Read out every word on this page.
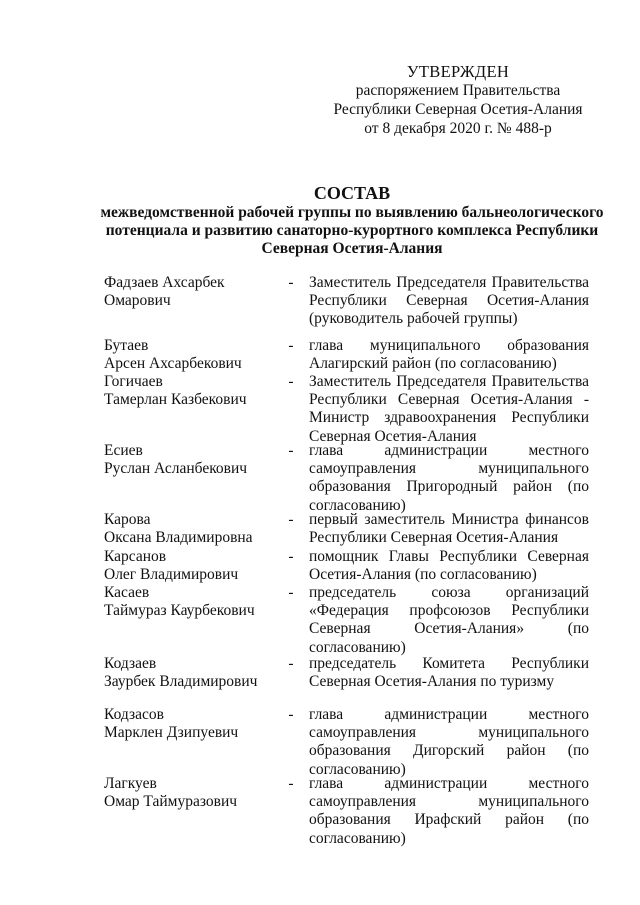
УТВЕРЖДЕН
распоряжением Правительства
Республики Северная Осетия-Алания
от 8 декабря 2020 г. № 488-р
СОСТАВ
межведомственной рабочей группы по выявлению бальнеологического
потенциала и развитию санаторно-курортного комплекса Республики
Северная Осетия-Алания
Фадзаев Ахсарбек
Омарович
- Заместитель Председателя Правительства Республики Северная Осетия-Алания (руководитель рабочей группы)
Бутаев
Арсен Ахсарбекович
- глава муниципального образования Алагирский район (по согласованию)
Гогичаев
Тамерлан Казбекович
- Заместитель Председателя Правительства Республики Северная Осетия-Алания - Министр здравоохранения Республики Северная Осетия-Алания
Есиев
Руслан Асланбекович
- глава администрации местного самоуправления муниципального образования Пригородный район (по согласованию)
Карова
Оксана Владимировна
- первый заместитель Министра финансов Республики Северная Осетия-Алания
Карсанов
Олег Владимирович
- помощник Главы Республики Северная Осетия-Алания (по согласованию)
Касаев
Таймураз Каурбекович
- председатель союза организаций «Федерация профсоюзов Республики Северная Осетия-Алания» (по согласованию)
Кодзаев
Заурбек Владимирович
- председатель Комитета Республики Северная Осетия-Алания по туризму
Кодзасов
Марклен Дзипуевич
- глава администрации местного самоуправления муниципального образования Дигорский район (по согласованию)
Лагкуев
Омар Таймуразович
- глава администрации местного самоуправления муниципального образования Ирафский район (по согласованию)
